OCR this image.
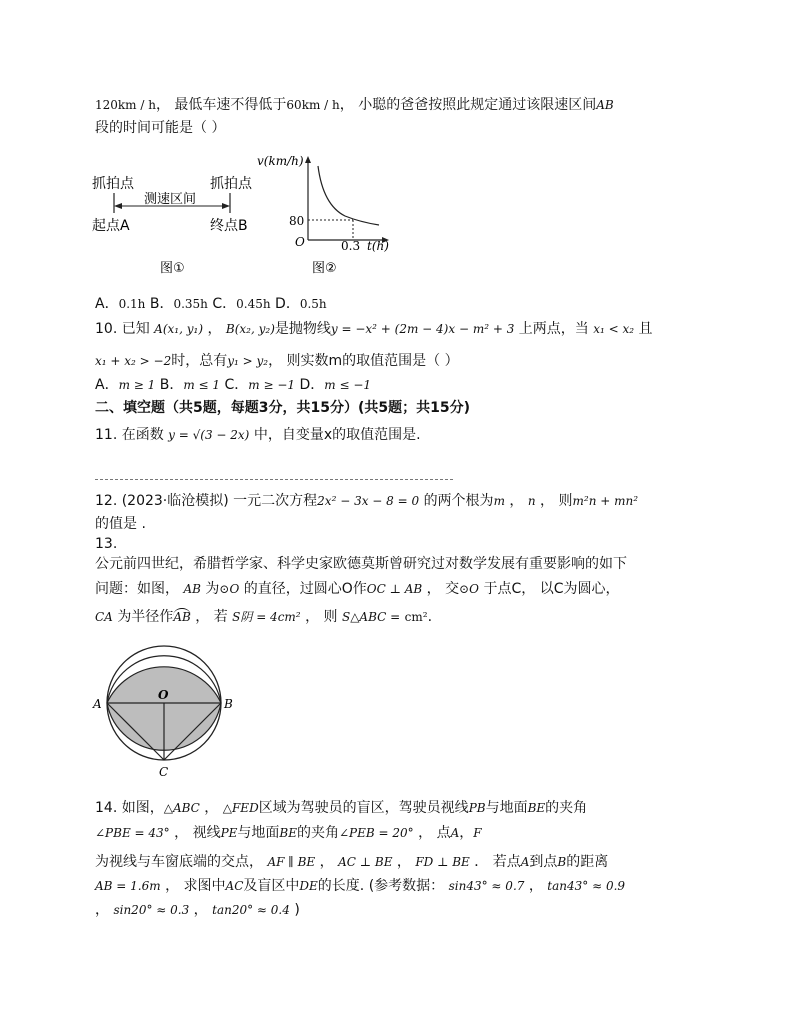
120km / h， 最低车速不得低于60km / h， 小聪的爸爸按照此规定通过该限速区间AB
段的时间可能是（ ）
抓拍点	抓拍点
测速区间
起点A	终点B
图①
v(km/h)
80
O	0.3 t(h)
图②
A．0.1h B．0.35h C．0.45h D．0.5h
10. 已知 A(x₁, y₁) ， B(x₂, y₂)是抛物线y = −x² + (2m − 4)x − m² + 3 上两点，当 x₁ < x₂ 且
x₁ + x₂ > −2时，总有y₁ > y₂， 则实数m的取值范围是（ ）
A．m ≥ 1 B．m ≤ 1 C．m ≥ −1 D．m ≤ −1
二、填空题（共5题，每题3分，共15分）(共5题；共15分)
11. 在函数 y = √(3 − 2x) 中，自变量x的取值范围是.
12. (2023·临沧模拟) 一元二次方程2x² − 3x − 8 = 0 的两个根为m ， n ， 则m²n + mn²
的值是 .
13.
公元前四世纪，希腊哲学家、科学史家欧德莫斯曾研究过对数学发展有重要影响的如下
问题：如图， AB 为⊙O 的直径，过圆心O作OC ⊥ AB ， 交⊙O 于点C， 以C为圆心，
CA 为半径作AB ， 若 S阴 = 4cm² ， 则 S△ABC = cm².
O
A	B
C
14. 如图，△ABC ， △FED区域为驾驶员的盲区，驾驶员视线PB与地面BE的夹角
∠PBE = 43° ， 视线PE与地面BE的夹角∠PEB = 20° ， 点A，F
为视线与车窗底端的交点， AF ∥ BE ， AC ⊥ BE ， FD ⊥ BE ． 若点A到点B的距离
AB = 1.6m ， 求图中AC及盲区中DE的长度. (参考数据： sin43° ≈ 0.7 ， tan43° ≈ 0.9
， sin20° ≈ 0.3 ， tan20° ≈ 0.4 )
